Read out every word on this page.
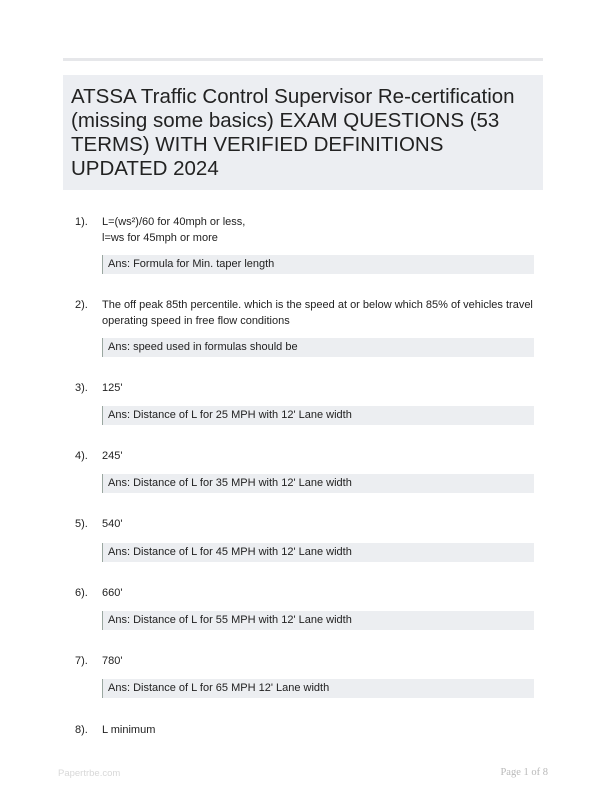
ATSSA Traffic Control Supervisor Re-certification (missing some basics) EXAM QUESTIONS (53 TERMS) WITH VERIFIED DEFINITIONS UPDATED 2024
1). L=(ws²)/60 for 40mph or less,
l=ws for 45mph or more
Ans: Formula for Min. taper length
2). The off peak 85th percentile. which is the speed at or below which 85% of vehicles travel
operating speed in free flow conditions
Ans: speed used in formulas should be
3). 125'
Ans: Distance of L for 25 MPH with 12' Lane width
4). 245'
Ans: Distance of L for 35 MPH with 12' Lane width
5). 540'
Ans: Distance of L for 45 MPH with 12' Lane width
6). 660'
Ans: Distance of L for 55 MPH with 12' Lane width
7). 780'
Ans: Distance of L for 65 MPH 12' Lane width
8). L minimum
Papertrbe.com	Page 1 of 8
